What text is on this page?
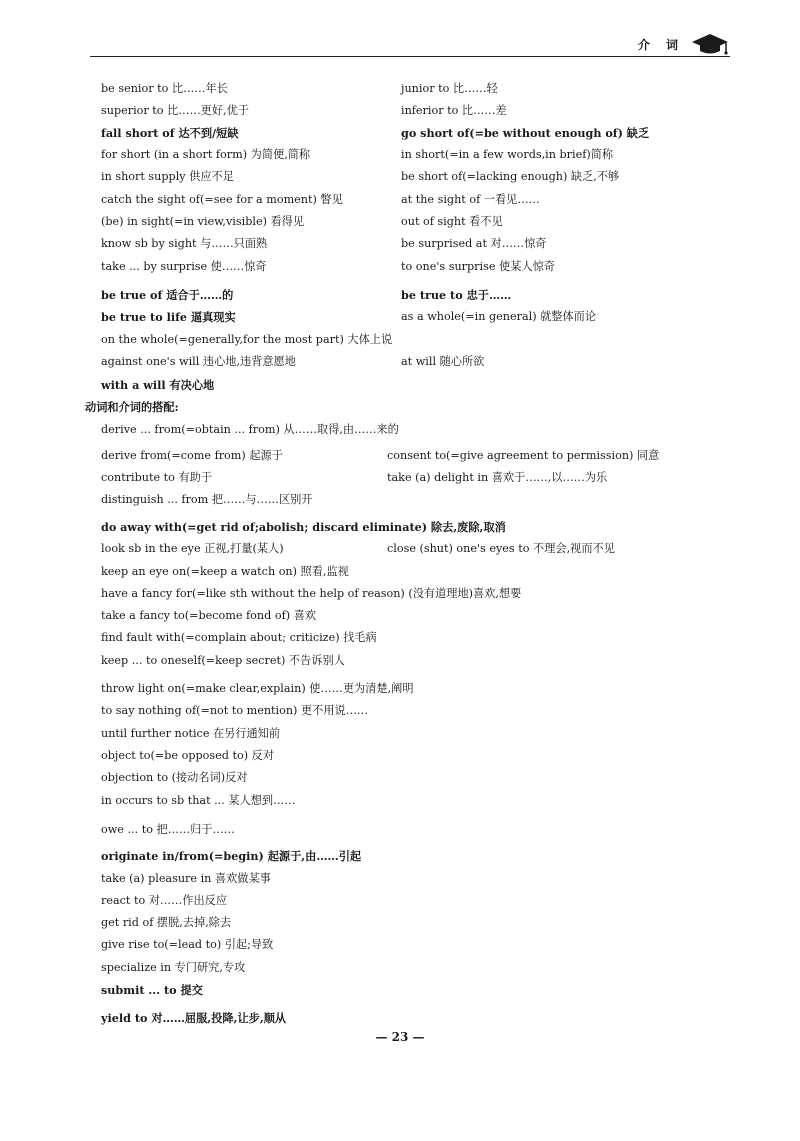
介 词
be senior to 比……年长	junior to 比……轻
superior to 比……更好,优于	inferior to 比……差
fall short of 达不到/短缺	go short of(=be without enough of) 缺乏
for short (in a short form) 为简便,简称	in short(=in a few words,in brief)简称
in short supply 供应不足	be short of(=lacking enough) 缺乏,不够
catch the sight of(=see for a moment) 瞥见	at the sight of 一看见……
(be) in sight(=in view,visible) 看得见	out of sight 看不见
know sb by sight 与……只面熟	be surprised at 对……惊奇
take ... by surprise 使……惊奇	to one's surprise 使某人惊奇
be true of 适合于……的	be true to 忠于……
be true to life 逼真现实	as a whole(=in general) 就整体而论
on the whole(=generally,for the most part) 大体上说
against one's will 违心地,违背意愿地	at will 随心所欲
with a will 有决心地
动词和介词的搭配:
derive ... from(=obtain ... from) 从……取得,由……来的
derive from(=come from) 起源于	consent to(=give agreement to permission) 同意
contribute to 有助于	take (a) delight in 喜欢于……,以……为乐
distinguish ... from 把……与……区别开
do away with(=get rid of;abolish; discard eliminate) 除去,废除,取消
look sb in the eye 正视,打量(某人)	close (shut) one's eyes to 不理会,视而不见
keep an eye on(=keep a watch on) 照看,监视
have a fancy for(=like sth without the help of reason) (没有道理地)喜欢,想要
take a fancy to(=become fond of) 喜欢
find fault with(=complain about; criticize) 找毛病
keep ... to oneself(=keep secret) 不告诉别人
throw light on(=make clear,explain) 使……更为清楚,阐明
to say nothing of(=not to mention) 更不用说……
until further notice 在另行通知前
object to(=be opposed to) 反对
objection to (接动名词)反对
in occurs to sb that ... 某人想到……
owe ... to 把……归于……
originate in/from(=begin) 起源于,由……引起
take (a) pleasure in 喜欢做某事
react to 对……作出反应
get rid of 摆脱,去掉,除去
give rise to(=lead to) 引起;导致
specialize in 专门研究,专攻
submit ... to 提交
yield to 对……屈服,投降,让步,顺从
— 23 —
